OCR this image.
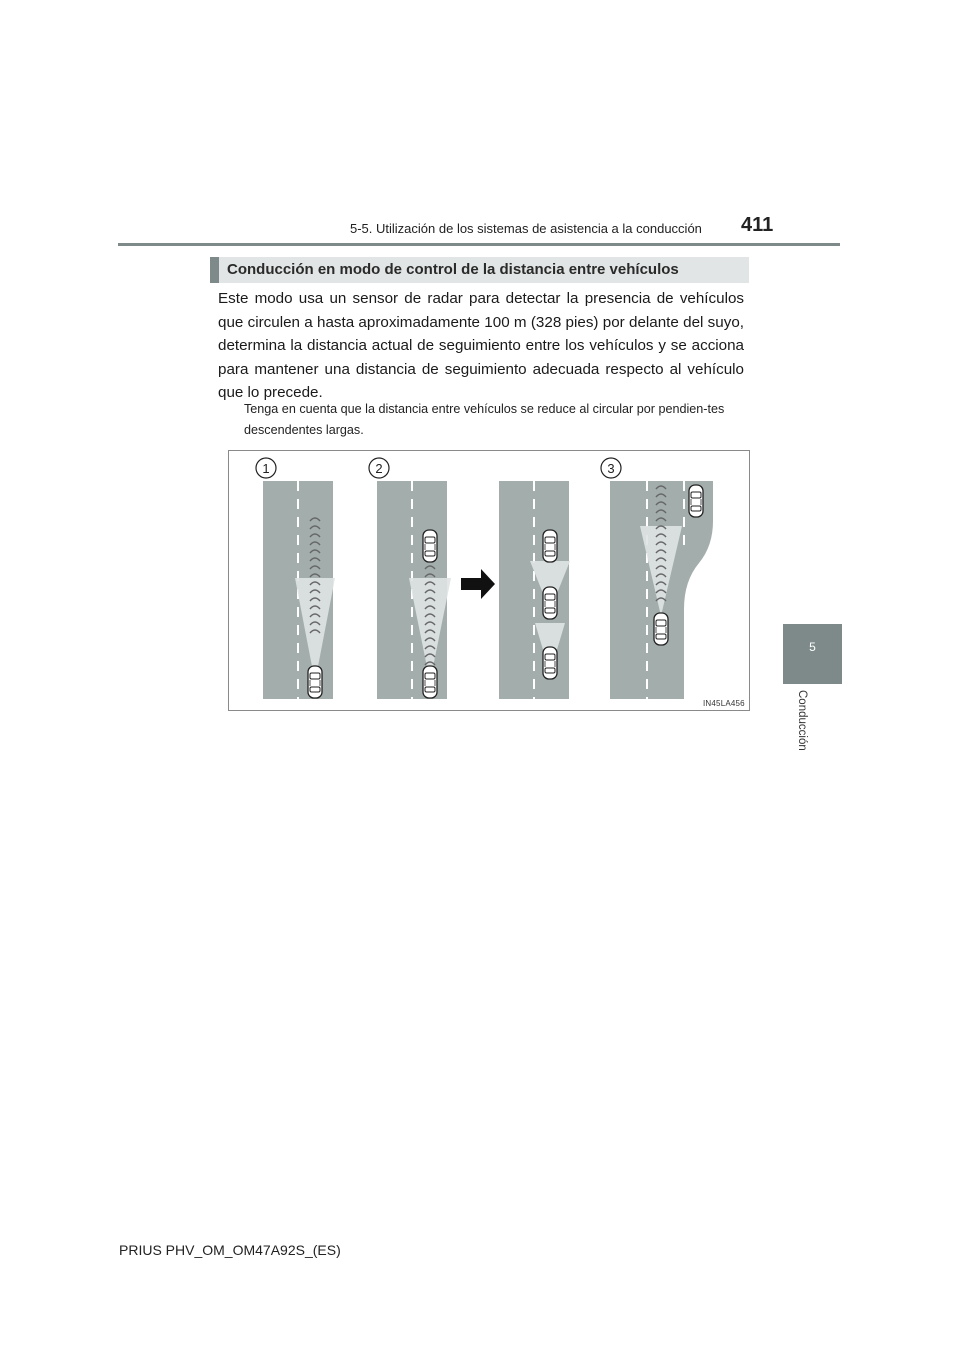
5-5. Utilización de los sistemas de asistencia a la conducción 411
Conducción en modo de control de la distancia entre vehículos

Este modo usa un sensor de radar para detectar la presencia de vehículos que circulen a hasta aproximadamente 100 m (328 pies) por delante del suyo, determina la distancia actual de seguimiento entre los vehículos y se acciona para mantener una distancia de seguimiento adecuada respecto al vehículo que lo precede.

Tenga en cuenta que la distancia entre vehículos se reduce al circular por pendien-tes descendentes largas.

1	2	3
IN45LA456
5
Conducción
PRIUS PHV_OM_OM47A92S_(ES)
